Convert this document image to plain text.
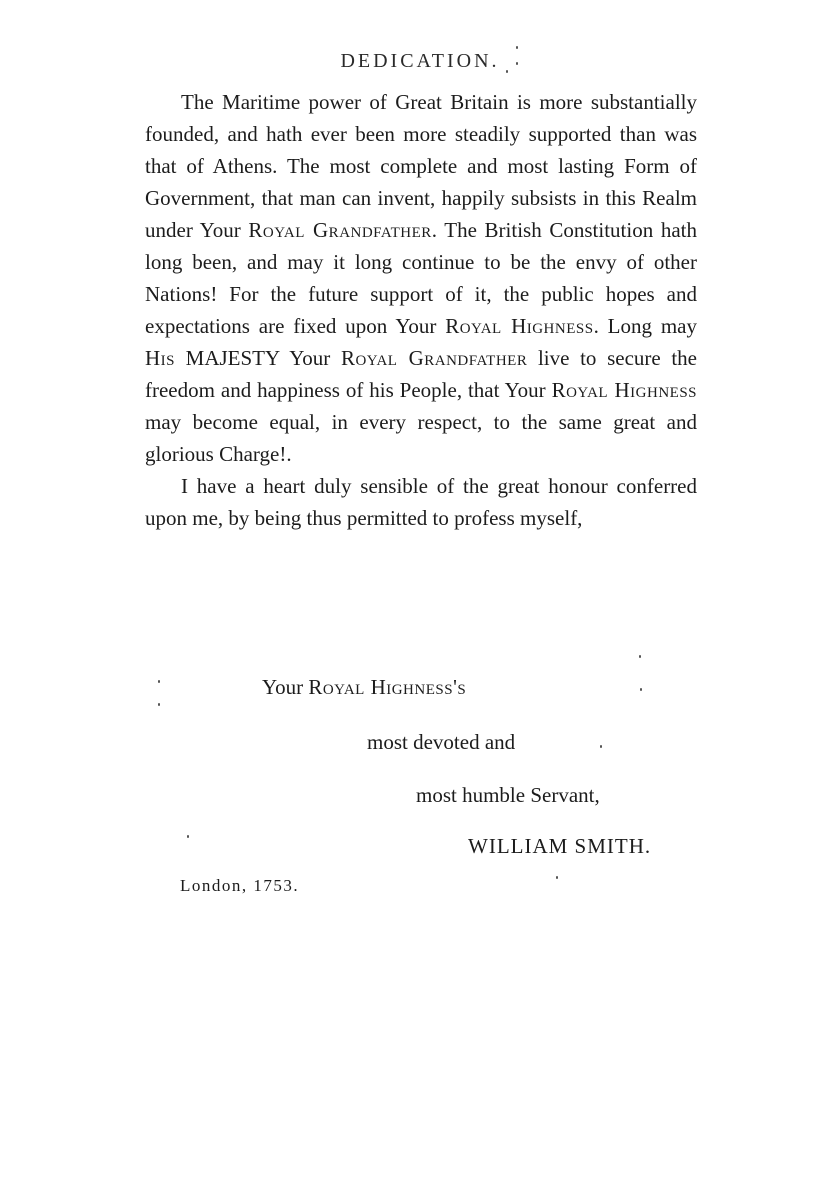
DEDICATION.

The Maritime power of Great Britain is more substantially founded, and hath ever been more steadily supported than was that of Athens. The most complete and most lasting Form of Government, that man can invent, happily subsists in this Realm under Your Royal Grandfather. The British Constitution hath long been, and may it long continue to be the envy of other Nations! For the future support of it, the public hopes and expectations are fixed upon Your Royal Highness. Long may His MAJESTY Your Royal Grandfather live to secure the freedom and happiness of his People, that Your Royal Highness may become equal, in every respect, to the same great and glorious Charge!.

I have a heart duly sensible of the great honour conferred upon me, by being thus permitted to profess myself,

Your Royal Highness's
most devoted and
most humble Servant,
WILLIAM SMITH.
London, 1753.
